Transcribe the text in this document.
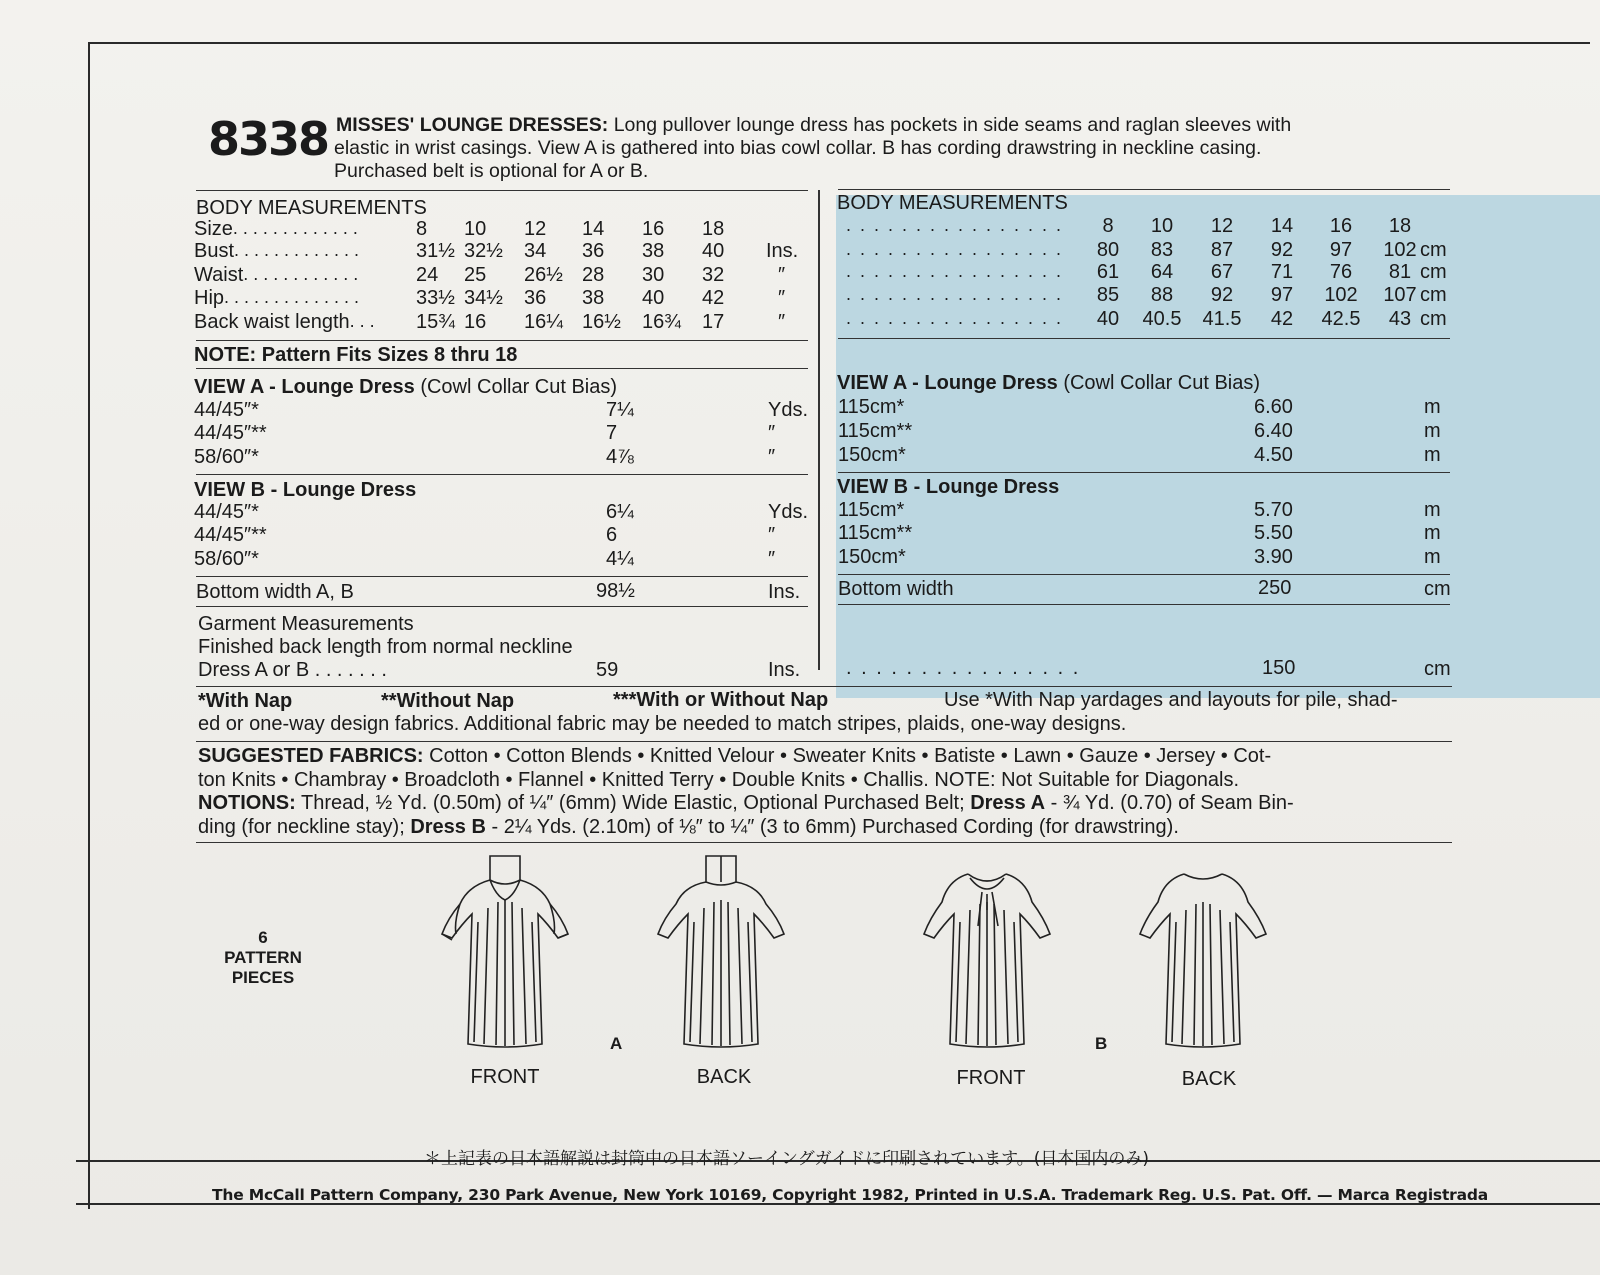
8338 MISSES' LOUNGE DRESSES: Long pullover lounge dress has pockets in side seams and raglan sleeves with
elastic in wrist casings. View A is gathered into bias cowl collar. B has cording drawstring in neckline casing.
Purchased belt is optional for A or B.
BODY MEASUREMENTS
Size . . . . . . . . . . . . .	8 10 12 14 16 18
Bust . . . . . . . . . . . . .	31½ 32½ 34 36 38 40 Ins.
Waist . . . . . . . . . . . .	24 25 26½ 28 30 32	″
Hip . . . . . . . . . . . . . .	33½ 34½ 36 38 40 42	″
Back waist length . . . 15¾ 16 16¼ 16½ 16¾ 17	″
NOTE: Pattern Fits Sizes 8 thru 18
VIEW A - Lounge Dress (Cowl Collar Cut Bias)
44/45″*	7¼	Yds.
44/45″**	7	″
58/60″*	4⅞	″
VIEW B - Lounge Dress
44/45″*	6¼	Yds.
44/45″**	6	″
58/60″*	4¼	″
Bottom width A, B	98½	Ins.
Garment Measurements
Finished back length from normal neckline
Dress A or B . . . . . . .	59	Ins.
BODY MEASUREMENTS
. . . . . . . . . . . . . . . .	8	10	12	14	16	18
. . . . . . . . . . . . . . . .	80	83	87	92	97	102 cm
. . . . . . . . . . . . . . . .	61	64	67	71	76	81 cm
. . . . . . . . . . . . . . . .	85	88	92	97	102	107 cm
. . . . . . . . . . . . . . . .	40	40.5	41.5	42	42.5	43 cm
VIEW A - Lounge Dress (Cowl Collar Cut Bias)
115cm*	6.60	m
115cm**	6.40	m
150cm*	4.50	m
VIEW B - Lounge Dress
115cm*	5.70	m
115cm**	5.50	m
150cm*	3.90	m
Bottom width	250	cm
. . . . . . . . . . . . . . . .	150	cm
*With Nap	**Without Nap	***With or Without Nap	Use *With Nap yardages and layouts for pile, shad-
ed or one-way design fabrics. Additional fabric may be needed to match stripes, plaids, one-way designs.
SUGGESTED FABRICS: Cotton • Cotton Blends • Knitted Velour • Sweater Knits • Batiste • Lawn • Gauze • Jersey • Cot-
ton Knits • Chambray • Broadcloth • Flannel • Knitted Terry • Double Knits • Challis. NOTE: Not Suitable for Diagonals.
NOTIONS: Thread, ½ Yd. (0.50m) of ¼″ (6mm) Wide Elastic, Optional Purchased Belt; Dress A - ¾ Yd. (0.70) of Seam Bin-
ding (for neckline stay); Dress B - 2¼ Yds. (2.10m) of ⅛″ to ¼″ (3 to 6mm) Purchased Cording (for drawstring).
6
PATTERN
PIECES
A	B
FRONT	BACK	FRONT	BACK
＊上記表の日本語解説は封筒中の日本語ソーイングガイドに印刷されています。(日本国内のみ)
The McCall Pattern Company, 230 Park Avenue, New York 10169, Copyright 1982, Printed in U.S.A. Trademark Reg. U.S. Pat. Off. — Marca Registrada
